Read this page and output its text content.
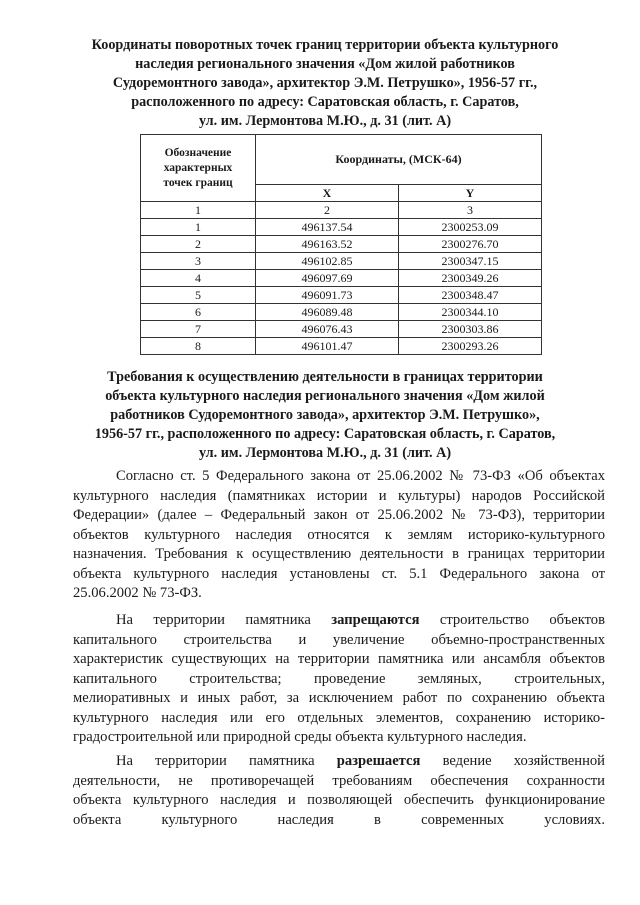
Координаты поворотных точек границ территории объекта культурного
наследия регионального значения «Дом жилой работников
Судоремонтного завода», архитектор Э.М. Петрушко», 1956-57 гг.,
расположенного по адресу: Саратовская область, г. Саратов,
ул. им. Лермонтова М.Ю., д. 31 (лит. А)
Обозначение
характерных
точек границ	Координаты, (МСК-64)	
	X	Y
1	2	3
1	496137.54	2300253.09
2	496163.52	2300276.70
3	496102.85	2300347.15
4	496097.69	2300349.26
5	496091.73	2300348.47
6	496089.48	2300344.10
7	496076.43	2300303.86
8	496101.47	2300293.26
Требования к осуществлению деятельности в границах территории
объекта культурного наследия регионального значения «Дом жилой
работников Судоремонтного завода», архитектор Э.М. Петрушко»,
1956-57 гг., расположенного по адресу: Саратовская область, г. Саратов,
ул. им. Лермонтова М.Ю., д. 31 (лит. А)
Согласно ст. 5 Федерального закона от 25.06.2002 № 73-ФЗ «Об объектах
культурного наследия (памятниках истории и культуры) народов Российской
Федерации» (далее – Федеральный закон от 25.06.2002 № 73-ФЗ), территории
объектов культурного наследия относятся к землям историко-культурного
назначения. Требования к осуществлению деятельности в границах территории
объекта культурного наследия установлены ст. 5.1 Федерального закона от
25.06.2002 № 73-ФЗ.
На территории памятника запрещаются строительство объектов
капитального строительства и увеличение объемно-пространственных
характеристик существующих на территории памятника или ансамбля объектов
капитального строительства; проведение земляных, строительных,
мелиоративных и иных работ, за исключением работ по сохранению объекта
культурного наследия или его отдельных элементов, сохранению историко-
градостроительной или природной среды объекта культурного наследия.
На территории памятника разрешается ведение хозяйственной
деятельности, не противоречащей требованиям обеспечения сохранности
объекта культурного наследия и позволяющей обеспечить функционирование
объекта культурного наследия в современных условиях.
